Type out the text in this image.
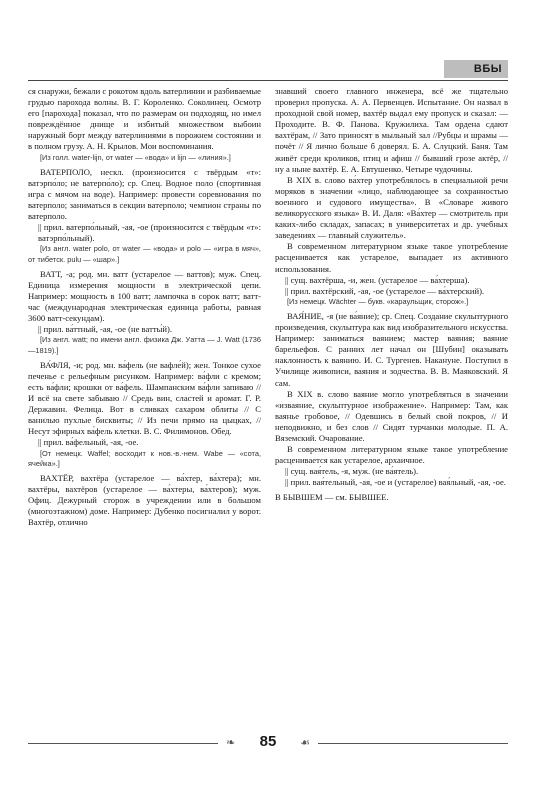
ВБЫ

ся снаружи, бежали с рокотом вдоль ватерлинии и разбиваемые грудью парохода волны. В. Г. Короленко. Соколинец. Осмотр его [парохода] показал, что по размерам он подходящ, но имел повреждённое днище и избитый множеством выбоин наружный борт между ватерлиниями в порожнем состоянии и в полном грузу. А. Н. Крылов. Мои воспоминания.

[Из голл. water-lijn, от water — «вода» и lijn — «линия».]

ВАТЕРПОЛО, нескл. (произносится с твёрдым «т»: ватэрпо́ло; не ватерпо́ло); ср. Спец. Водное поло (спортивная игра с мячом на воде). Например: провести соревнования по ватерполо; заниматься в секции ватерполо; чемпион страны по ватерполо.

|| прил. ватерпо́льный, -ая, -ое (произносится с твёрдым «т»: ватэрпо́льный).

[Из англ. water polo, от water — «вода» и polo — «игра в мяч», от тибетск. pulu — «шар».]

ВАТТ, -а; род. мн. ватт (устарелое — ваттов); муж. Спец. Единица измерения мощности в электрической цепи. Например: мощность в 100 ватт; лампочка в сорок ватт; ватт-час (международная электрическая единица работы, равная 3600 ватт-секундам).

|| прил. ва́ттный, -ая, -ое (не ватты́й).

[Из англ. watt; по имени англ. физика Дж. Уатта — J. Watt (1736—1819).]

ВА́ФЛЯ, -и; род. мн. ва́фель (не вафле́й); жен. Тонкое сухое печенье с рельефным рисунком. Например: ва́фли с кремом; есть ва́фли; крошки от ва́фель. Шампанским ва́фли запиваю // И всё на свете забываю // Средь вин, сластей и аромат. Г. Р. Державин. Фелица. Вот в сливках сахаром облиты // С ванилью пухлые бисквиты; // Из печи прямо на цыцках, // Несут эфирных ва́фель клетки. В. С. Филимонов. Обед.

|| прил. ва́фельный, -ая, -ое.

[От немецк. Waffel; восходит к нов.-в.-нем. Wabe — «сота, ячейка».]

ВАХТЁР, вахтёра (устарелое — ва́хтер, ва́хтера); мн. вахтёры, вахтёров (устарелое — ва́хтеры, ва́хтеров); муж. Офиц. Дежурный сторож в учреждении или в большом (многоэтажном) доме. Например: Дубенко посигналил у ворот. Вахтёр, отлично

знавший своего главного инженера, всё же тщательно проверил пропуска. А. А. Первенцев. Испытание. Он назвал в проходной свой номер, вахтёр выдал ему пропуск и сказал: — Проходите. В. Ф. Панова. Кружилиха. Там орденa сдают вахтёрам, // Зато приносят в мыльный зал //Рубцы и шрамы — почёт // Я лично больше б доверял. Б. А. Слуцкий. Баня. Там живёт среди кроликов, птиц и афиш // бывший грозе актёр, // ну а ныне вахтёр. Е. А. Евтушенко. Четыре чудочины.

В XIX в. слово ва́хтер употреблялось в специальной речи моряков в значении «лицо, наблюдающее за сохранностью военного и судового имущества». В «Словаре живого великорусского языка» В. И. Даля: «Ва́хтер — смотритель при каких-либо складах, запасах; в университетах и др. учебных заведениях — главный служитель».

В современном литературном языке такое употребление расценивается как устарелое, выпадает из активного использования.

|| сущ. вахтёрша, -и, жен. (устарелое — ва́хтерша).

|| прил. вахтёрский, -ая, -ое (устарелое — ва́хтерский).

[Из немецк. Wächter — букв. «караульщик, сторож».]

ВАЯ́НИЕ, -я (не ва́яние); ср. Спец. Создание скульптурного произведения, скульптура как вид изобразительного искусства. Например: заниматься ваянием; мастер ваяния; ваяние барельефов. С ранних лет начал он [Шубин] оказывать наклонность к ваянию. И. С. Тургенев. Накануне. Поступил в Училище живописи, ваяния и зодчества. В. В. Маяковский. Я сам.

В XIX в. слово ваяние могло употребляться в значении «изваяние, скульптурное изображение». Например: Там, как ваянье гробовое, // Одевшись в белый свой покров, // И неподвижно, и без слов // Сидят турчанки молодые. П. А. Вяземский. Очарование.

В современном литературном языке такое употребление расценивается как устарелое, архаичное.

|| сущ. вая́тель, -я, муж. (не ва́ятель).

|| прил. вая́тельный, -ая, -ое и (устарелое) вая́льный, -ая, -ое.

В БЫВШЕМ — см. БЫВШЕЕ.

❧	85	☙
